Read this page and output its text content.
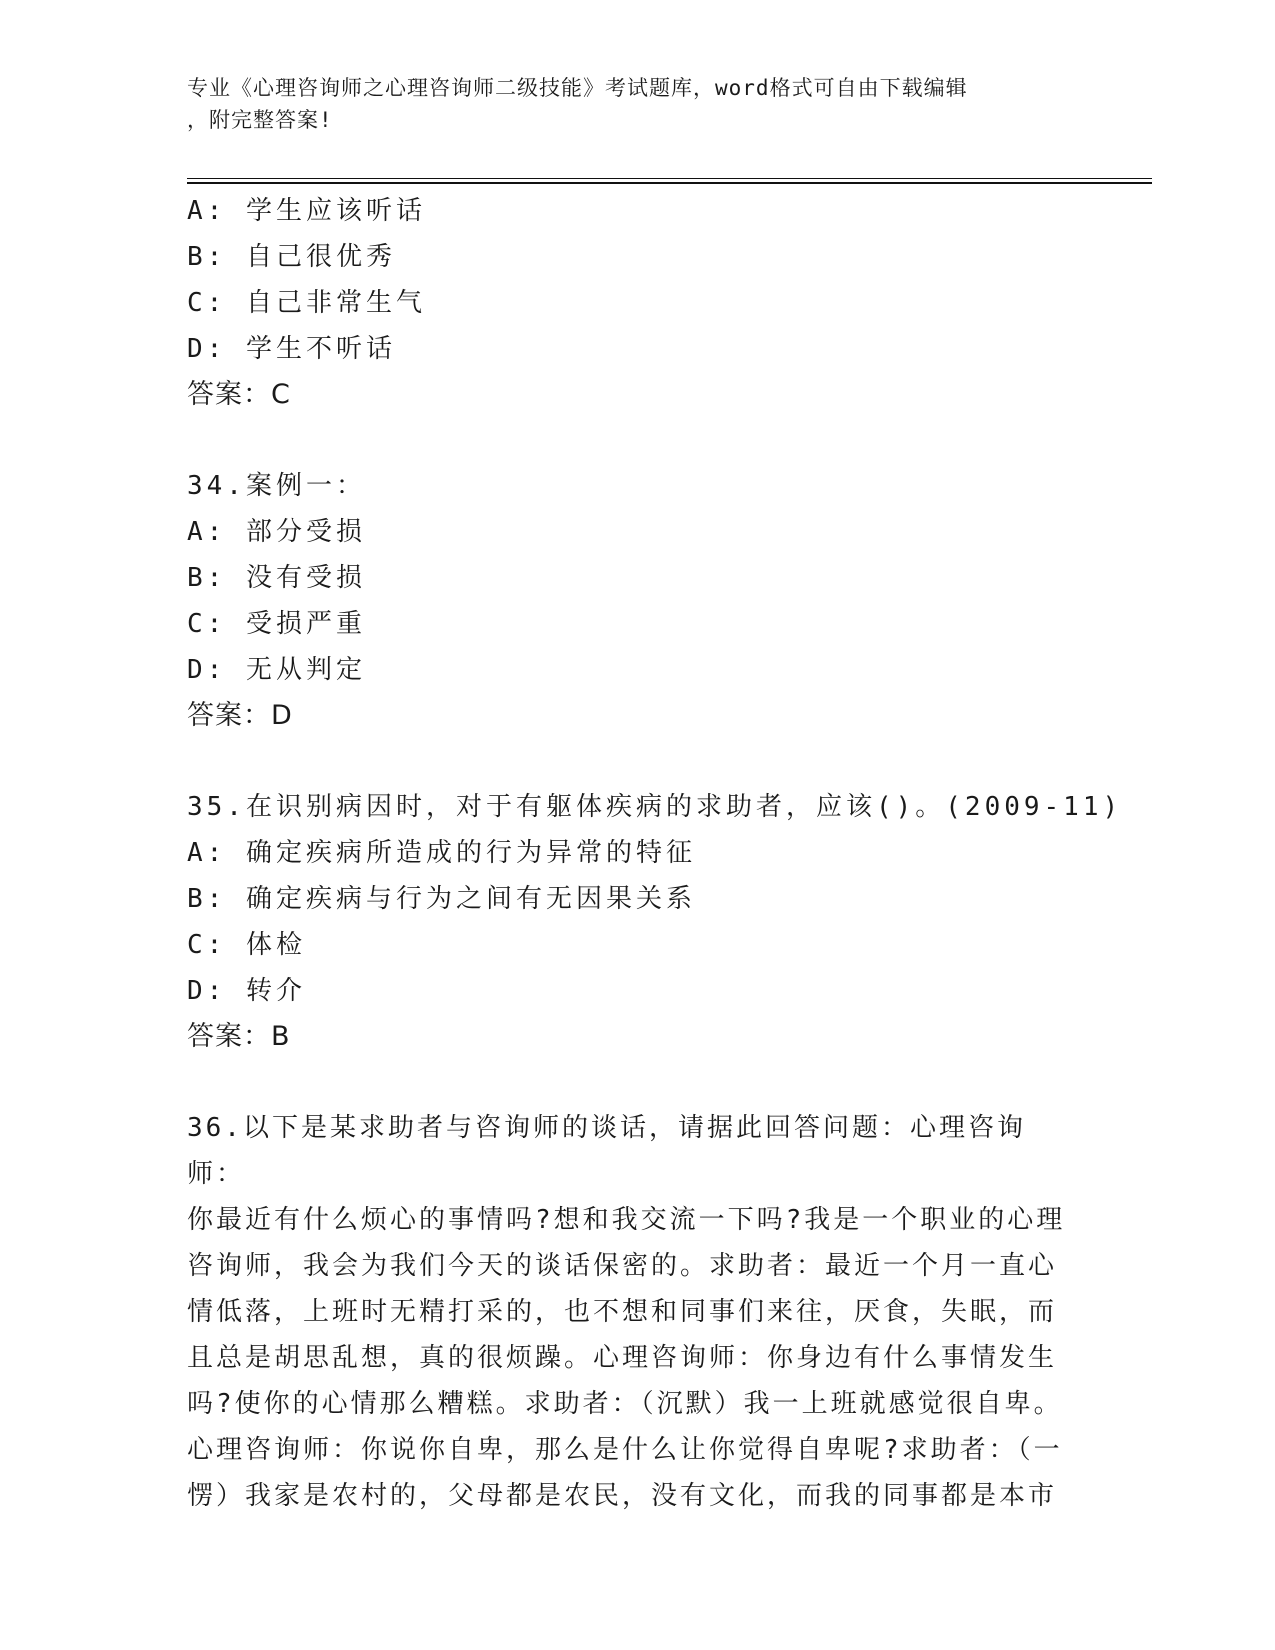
专业《心理咨询师之心理咨询师二级技能》考试题库，word格式可自由下载编辑
，附完整答案!
A: 学生应该听话
B: 自己很优秀
C: 自己非常生气
D: 学生不听话
答案：C
34.案例一：
A: 部分受损
B: 没有受损
C: 受损严重
D: 无从判定
答案：D
35.在识别病因时，对于有躯体疾病的求助者，应该()。(2009-11)
A: 确定疾病所造成的行为异常的特征
B: 确定疾病与行为之间有无因果关系
C: 体检
D: 转介
答案：B
36.以下是某求助者与咨询师的谈话，请据此回答问题：心理咨询师：
你最近有什么烦心的事情吗?想和我交流一下吗?我是一个职业的心理
咨询师，我会为我们今天的谈话保密的。求助者：最近一个月一直心
情低落，上班时无精打采的，也不想和同事们来往，厌食，失眠，而
且总是胡思乱想，真的很烦躁。心理咨询师：你身边有什么事情发生
吗?使你的心情那么糟糕。求助者：（沉默）我一上班就感觉很自卑。
心理咨询师：你说你自卑，那么是什么让你觉得自卑呢?求助者：（一
愣）我家是农村的，父母都是农民，没有文化，而我的同事都是本市
